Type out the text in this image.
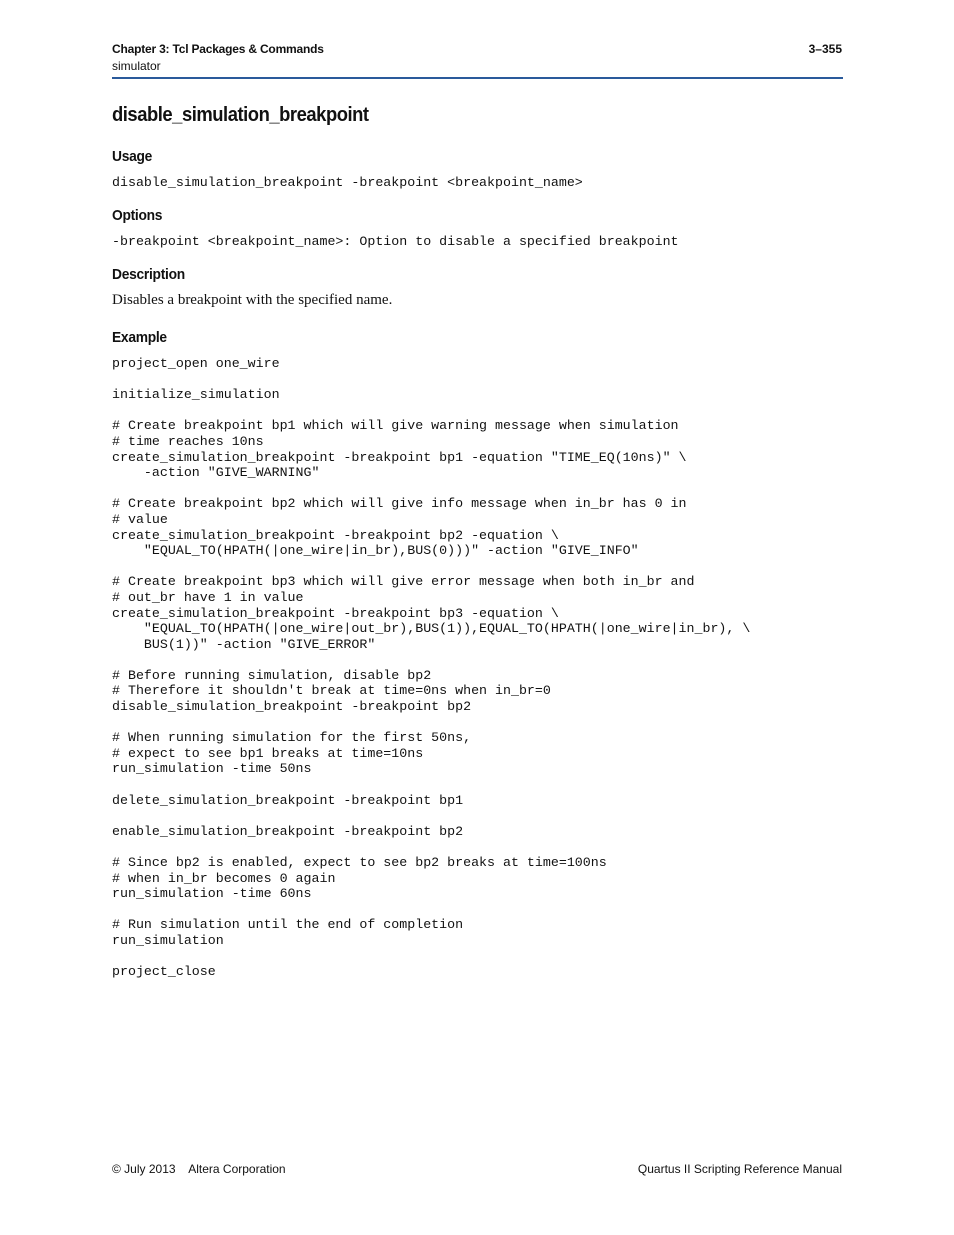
Chapter 3: Tcl Packages & Commands
simulator
3–355
disable_simulation_breakpoint
Usage
disable_simulation_breakpoint -breakpoint <breakpoint_name>
Options
-breakpoint <breakpoint_name>: Option to disable a specified breakpoint
Description

Disables a breakpoint with the specified name.

Example
project_open one_wire

initialize_simulation

# Create breakpoint bp1 which will give warning message when simulation
# time reaches 10ns
create_simulation_breakpoint -breakpoint bp1 -equation "TIME_EQ(10ns)" \
-action "GIVE_WARNING"

# Create breakpoint bp2 which will give info message when in_br has 0 in
# value
create_simulation_breakpoint -breakpoint bp2 -equation \
"EQUAL_TO(HPATH(|one_wire|in_br),BUS(0)))" -action "GIVE_INFO"

# Create breakpoint bp3 which will give error message when both in_br and
# out_br have 1 in value
create_simulation_breakpoint -breakpoint bp3 -equation \
"EQUAL_TO(HPATH(|one_wire|out_br),BUS(1)),EQUAL_TO(HPATH(|one_wire|in_br), \
BUS(1))" -action "GIVE_ERROR"

# Before running simulation, disable bp2
# Therefore it shouldn't break at time=0ns when in_br=0
disable_simulation_breakpoint -breakpoint bp2

# When running simulation for the first 50ns,
# expect to see bp1 breaks at time=10ns
run_simulation -time 50ns

delete_simulation_breakpoint -breakpoint bp1

enable_simulation_breakpoint -breakpoint bp2

# Since bp2 is enabled, expect to see bp2 breaks at time=100ns
# when in_br becomes 0 again
run_simulation -time 60ns

# Run simulation until the end of completion
run_simulation

project_close
© July 2013    Altera Corporation	Quartus II Scripting Reference Manual
